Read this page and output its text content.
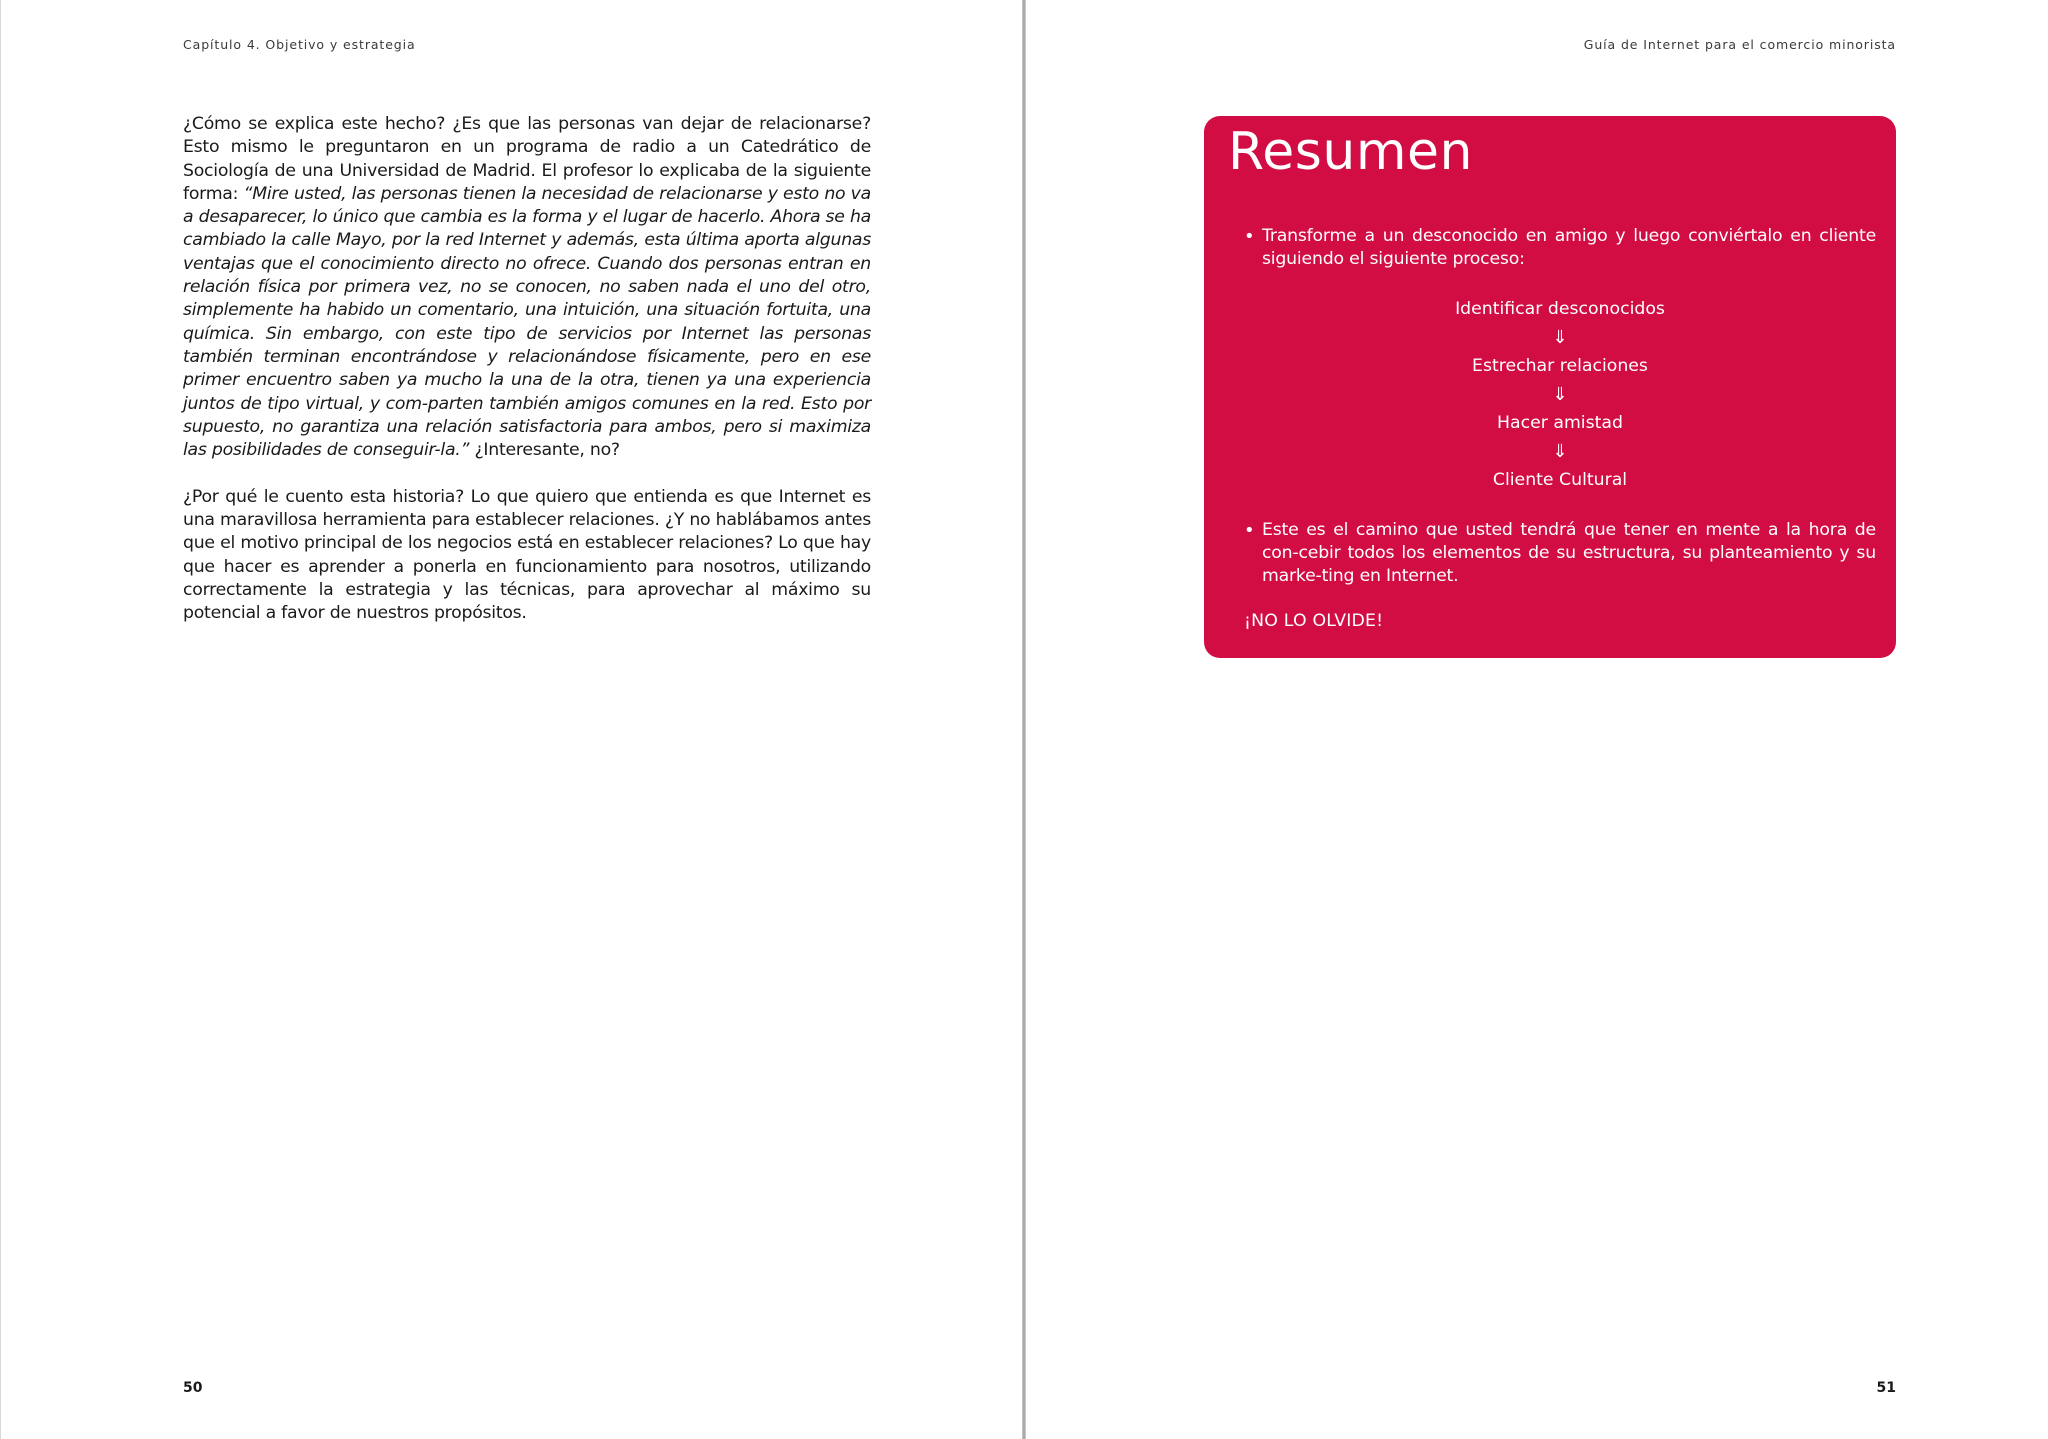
Capítulo 4. Objetivo y estrategia

¿Cómo se explica este hecho? ¿Es que las personas van dejar de relacionarse? Esto mismo le preguntaron en un programa de radio a un Catedrático de Sociología de una Universidad de Madrid. El profesor lo explicaba de la siguiente forma: “Mire usted, las personas tienen la necesidad de relacionarse y esto no va a desaparecer, lo único que cambia es la forma y el lugar de hacerlo. Ahora se ha cambiado la calle Mayo, por la red Internet y además, esta última aporta algunas ventajas que el conocimiento directo no ofrece. Cuando dos personas entran en relación física por primera vez, no se conocen, no saben nada el uno del otro, simplemente ha habido un comentario, una intuición, una situación fortuita, una química. Sin embargo, con este tipo de servicios por Internet las personas también terminan encontrándose y relacionándose físicamente, pero en ese primer encuentro saben ya mucho la una de la otra, tienen ya una experiencia juntos de tipo virtual, y com-parten también amigos comunes en la red. Esto por supuesto, no garantiza una relación satisfactoria para ambos, pero si maximiza las posibilidades de conseguir-la.” ¿Interesante, no?

¿Por qué le cuento esta historia? Lo que quiero que entienda es que Internet es una maravillosa herramienta para establecer relaciones. ¿Y no hablábamos antes que el motivo principal de los negocios está en establecer relaciones? Lo que hay que hacer es aprender a ponerla en funcionamiento para nosotros, utilizando correctamente la estrategia y las técnicas, para aprovechar al máximo su potencial a favor de nuestros propósitos.

50
Guía de Internet para el comercio minorista
Resumen
• Transforme a un desconocido en amigo y luego conviértalo en cliente siguiendo el siguiente proceso:
Identificar desconocidos
⇓
Estrechar relaciones
⇓
Hacer amistad
⇓
Cliente Cultural
• Este es el camino que usted tendrá que tener en mente a la hora de con-cebir todos los elementos de su estructura, su planteamiento y su marke-ting en Internet.
¡NO LO OLVIDE!
51
